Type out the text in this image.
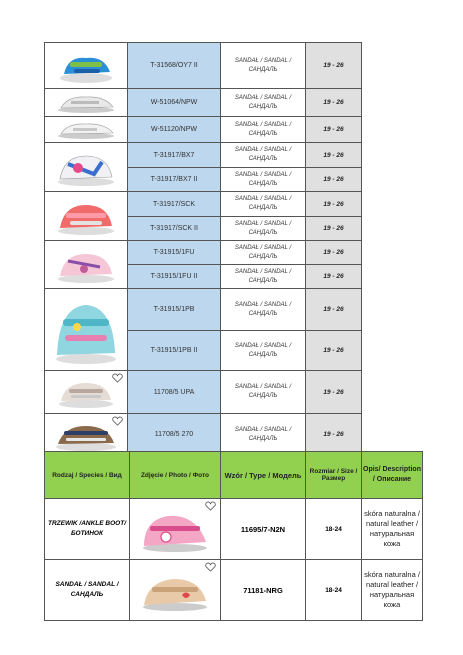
	T-31568/OY7 II	SANDAŁ / SANDAL / САНДАЛЬ	19 - 26	

	W-51064/NPW	SANDAŁ / SANDAL / САНДАЛЬ	19 - 26	

	W-51120/NPW	SANDAŁ / SANDAL / САНДАЛЬ	19 - 26	

	T-31917/BX7	SANDAŁ / SANDAL / САНДАЛЬ	19 - 26	
	T-31917/BX7 II	SANDAŁ / SANDAL / САНДАЛЬ	19 - 26	

	T-31917/SCK	SANDAŁ / SANDAL / САНДАЛЬ	19 - 26	
	T-31917/SCK II	SANDAŁ / SANDAL / САНДАЛЬ	19 - 26	

	T-31915/1FU	SANDAŁ / SANDAL / САНДАЛЬ	19 - 26	
	T-31915/1FU II	SANDAŁ / SANDAL / САНДАЛЬ	19 - 26	

	T-31915/1PB	SANDAŁ / SANDAL / САНДАЛЬ	19 - 26	
	T-31915/1PB II	SANDAŁ / SANDAL / САНДАЛЬ	19 - 26	

	11708/5 UPA	SANDAŁ / SANDAL / САНДАЛЬ	19 - 26	

	11708/5 270	SANDAŁ / SANDAL / САНДАЛЬ	19 - 26	
Rodzaj / Species / Вид	Zdjęcie / Photo / Фото	Wzór / Type / Модель	Rozmiar / Size / Размер	Opis/ Description / Описание
TRZEWIK /ANKLE BOOT/ БОТИНОК		11695/7-N2N	18-24	skóra naturalna / natural leather / натуральная кожа
SANDAŁ / SANDAL / САНДАЛЬ		71181-NRG	18-24	skóra naturalna / natural leather / натуральная кожа
